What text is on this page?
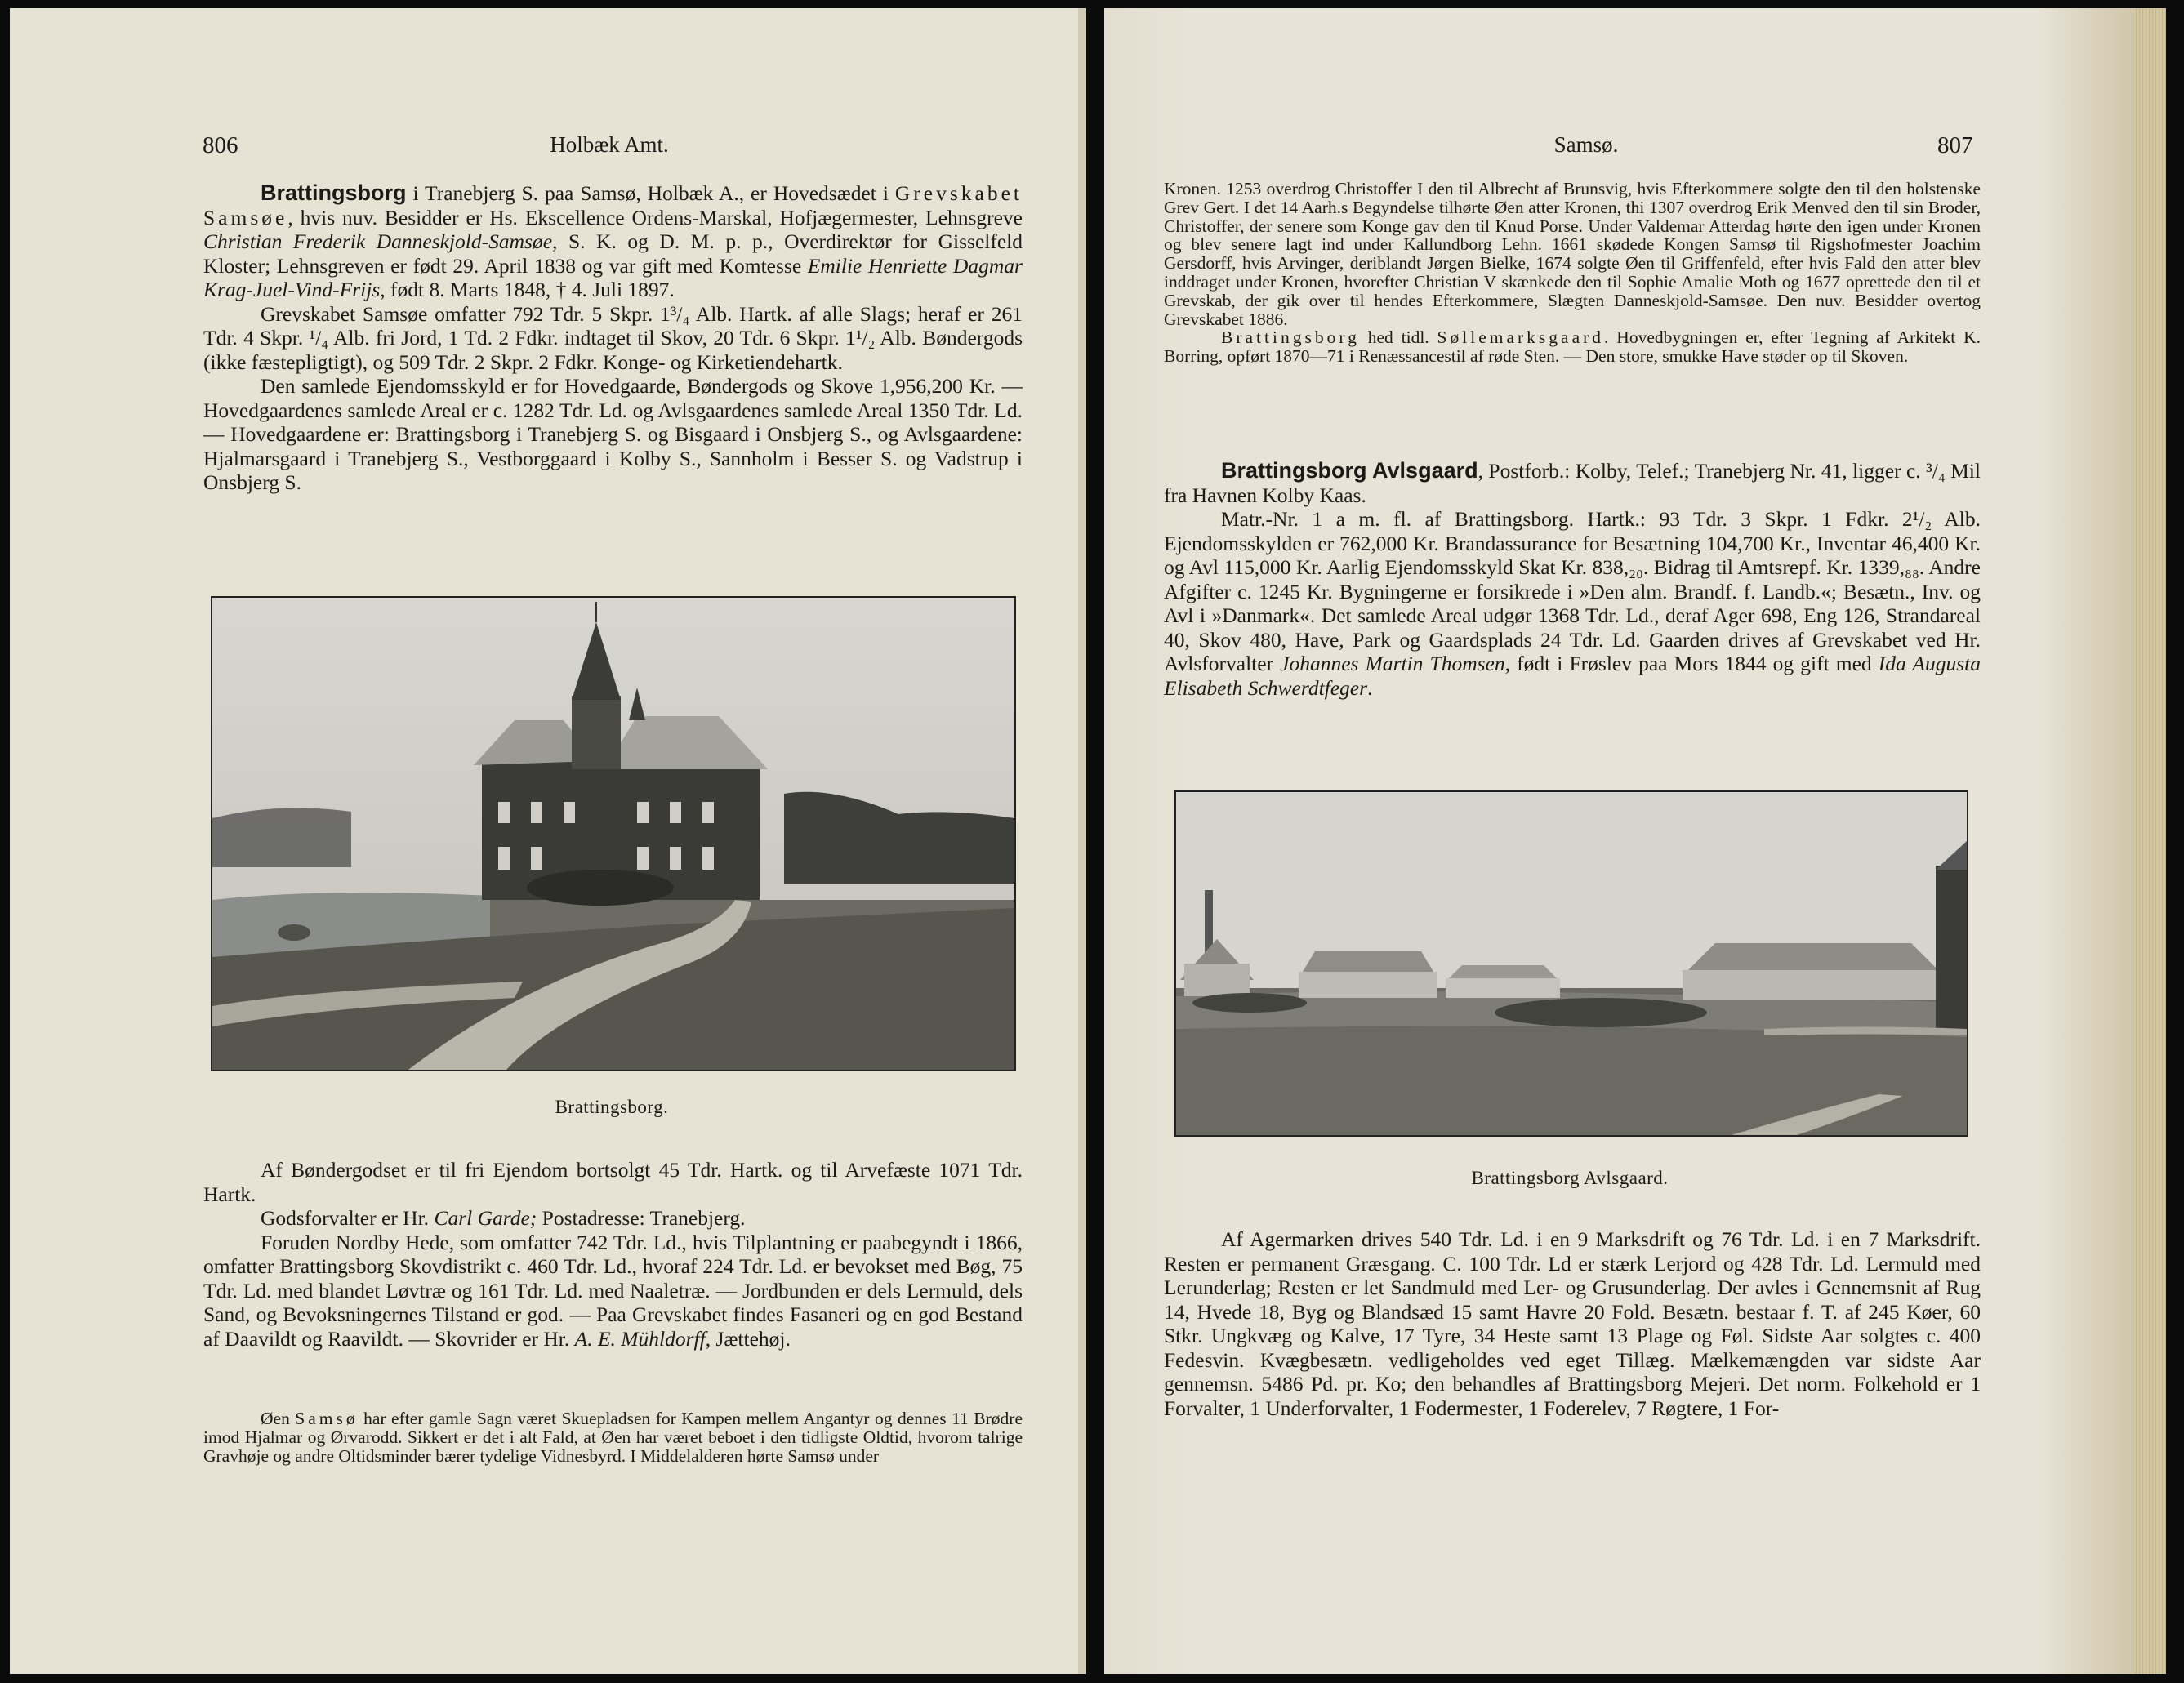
806	Holbæk Amt.

Brattingsborg i Tranebjerg S. paa Samsø, Holbæk A., er Hovedsædet i Grevskabet Samsøe, hvis nuv. Besidder er Hs. Ekscellence Ordens-Marskal, Hofjægermester, Lehnsgreve Christian Frederik Danneskjold-Samsøe, S. K. og D. M. p. p., Overdirektør for Gisselfeld Kloster; Lehnsgreven er født 29. April 1838 og var gift med Komtesse Emilie Henriette Dagmar Krag-Juel-Vind-Frijs, født 8. Marts 1848, † 4. Juli 1897.

Grevskabet Samsøe omfatter 792 Tdr. 5 Skpr. 1³/₄ Alb. Hartk. af alle Slags; heraf er 261 Tdr. 4 Skpr. ¹/₄ Alb. fri Jord, 1 Td. 2 Fdkr. indtaget til Skov, 20 Tdr. 6 Skpr. 1¹/₂ Alb. Bøndergods (ikke fæstepligtigt), og 509 Tdr. 2 Skpr. 2 Fdkr. Konge- og Kirketiendehartk.

Den samlede Ejendomsskyld er for Hovedgaarde, Bøndergods og Skove 1,956,200 Kr. — Hovedgaardenes samlede Areal er c. 1282 Tdr. Ld. og Avlsgaardenes samlede Areal 1350 Tdr. Ld. — Hovedgaardene er: Brattingsborg i Tranebjerg S. og Bisgaard i Onsbjerg S., og Avlsgaardene: Hjalmarsgaard i Tranebjerg S., Vestborggaard i Kolby S., Sannholm i Besser S. og Vadstrup i Onsbjerg S.

Brattingsborg.

Af Bøndergodset er til fri Ejendom bortsolgt 45 Tdr. Hartk. og til Arvefæste 1071 Tdr. Hartk.

Godsforvalter er Hr. Carl Garde; Postadresse: Tranebjerg.

Foruden Nordby Hede, som omfatter 742 Tdr. Ld., hvis Tilplantning er paabegyndt i 1866, omfatter Brattingsborg Skovdistrikt c. 460 Tdr. Ld., hvoraf 224 Tdr. Ld. er bevokset med Bøg, 75 Tdr. Ld. med blandet Løvtræ og 161 Tdr. Ld. med Naaletræ. — Jordbunden er dels Lermuld, dels Sand, og Bevoksningernes Tilstand er god. — Paa Grevskabet findes Fasaneri og en god Bestand af Daavildt og Raavildt. — Skovrider er Hr. A. E. Mühldorff, Jættehøj.

Øen Samsø har efter gamle Sagn været Skuepladsen for Kampen mellem Angantyr og dennes 11 Brødre imod Hjalmar og Ørvarodd. Sikkert er det i alt Fald, at Øen har været beboet i den tidligste Oldtid, hvorom talrige Gravhøje og andre Oltidsminder bærer tydelige Vidnesbyrd. I Middelalderen hørte Samsø under

Samsø.	807

Kronen. 1253 overdrog Christoffer I den til Albrecht af Brunsvig, hvis Efterkommere solgte den til den holstenske Grev Gert. I det 14 Aarh.s Begyndelse tilhørte Øen atter Kronen, thi 1307 overdrog Erik Menved den til sin Broder, Christoffer, der senere som Konge gav den til Knud Porse. Under Valdemar Atterdag hørte den igen under Kronen og blev senere lagt ind under Kallundborg Lehn. 1661 skødede Kongen Samsø til Rigshofmester Joachim Gersdorff, hvis Arvinger, deriblandt Jørgen Bielke, 1674 solgte Øen til Griffenfeld, efter hvis Fald den atter blev inddraget under Kronen, hvorefter Christian V skænkede den til Sophie Amalie Moth og 1677 oprettede den til et Grevskab, der gik over til hendes Efterkommere, Slægten Danneskjold-Samsøe. Den nuv. Besidder overtog Grevskabet 1886.

Brattingsborg hed tidl. Søllemarksgaard. Hovedbygningen er, efter Tegning af Arkitekt K. Borring, opført 1870—71 i Renæssancestil af røde Sten. — Den store, smukke Have støder op til Skoven.

Brattingsborg Avlsgaard, Postforb.: Kolby, Telef.; Tranebjerg Nr. 41, ligger c. ³/₄ Mil fra Havnen Kolby Kaas.

Matr.-Nr. 1 a m. fl. af Brattingsborg. Hartk.: 93 Tdr. 3 Skpr. 1 Fdkr. 2¹/₂ Alb. Ejendomsskylden er 762,000 Kr. Brandassurance for Besætning 104,700 Kr., Inventar 46,400 Kr. og Avl 115,000 Kr. Aarlig Ejendomsskyld Skat Kr. 838,₂₀. Bidrag til Amtsrepf. Kr. 1339,₈₈. Andre Afgifter c. 1245 Kr. Bygningerne er forsikrede i »Den alm. Brandf. f. Landb.«; Besætn., Inv. og Avl i »Danmark«. Det samlede Areal udgør 1368 Tdr. Ld., deraf Ager 698, Eng 126, Strandareal 40, Skov 480, Have, Park og Gaardsplads 24 Tdr. Ld. Gaarden drives af Grevskabet ved Hr. Avlsforvalter Johannes Martin Thomsen, født i Frøslev paa Mors 1844 og gift med Ida Augusta Elisabeth Schwerdtfeger.

Brattingsborg Avlsgaard.

Af Agermarken drives 540 Tdr. Ld. i en 9 Marksdrift og 76 Tdr. Ld. i en 7 Marksdrift. Resten er permanent Græsgang. C. 100 Tdr. Ld er stærk Lerjord og 428 Tdr. Ld. Lermuld med Lerunderlag; Resten er let Sandmuld med Ler- og Grusunderlag. Der avles i Gennemsnit af Rug 14, Hvede 18, Byg og Blandsæd 15 samt Havre 20 Fold. Besætn. bestaar f. T. af 245 Køer, 60 Stkr. Ungkvæg og Kalve, 17 Tyre, 34 Heste samt 13 Plage og Føl. Sidste Aar solgtes c. 400 Fedesvin. Kvægbesætn. vedligeholdes ved eget Tillæg. Mælkemængden var sidste Aar gennemsn. 5486 Pd. pr. Ko; den behandles af Brattingsborg Mejeri. Det norm. Folkehold er 1 Forvalter, 1 Underforvalter, 1 Fodermester, 1 Foderelev, 7 Røgtere, 1 For-
